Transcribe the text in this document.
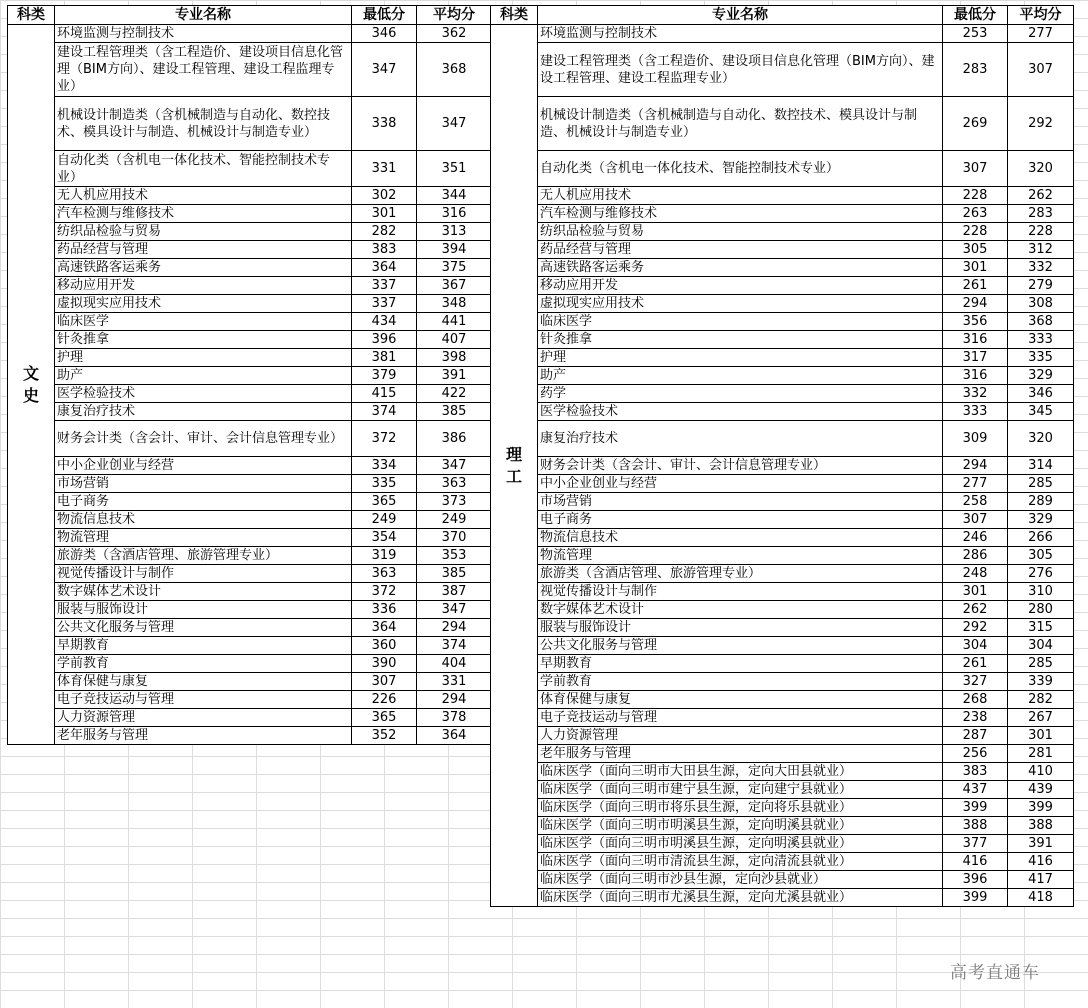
科类	专业名称	最低分	平均分

文史	环境监测与控制技术	346	362
	建设工程管理类（含工程造价、建设项目信息化管理（BIM方向）、建设工程管理、建设工程监理专业）	347	368
	机械设计制造类（含机械制造与自动化、数控技术、模具设计与制造、机械设计与制造专业）	338	347
	自动化类（含机电一体化技术、智能控制技术专业）	331	351
	无人机应用技术	302	344
	汽车检测与维修技术	301	316
	纺织品检验与贸易	282	313
	药品经营与管理	383	394
	高速铁路客运乘务	364	375
	移动应用开发	337	367
	虚拟现实应用技术	337	348
	临床医学	434	441
	针灸推拿	396	407
	护理	381	398
	助产	379	391
	医学检验技术	415	422
	康复治疗技术	374	385
	财务会计类（含会计、审计、会计信息管理专业）	372	386
	中小企业创业与经营	334	347
	市场营销	335	363
	电子商务	365	373
	物流信息技术	249	249
	物流管理	354	370
	旅游类（含酒店管理、旅游管理专业）	319	353
	视觉传播设计与制作	363	385
	数字媒体艺术设计	372	387
	服装与服饰设计	336	347
	公共文化服务与管理	364	294
	早期教育	360	374
	学前教育	390	404
	体育保健与康复	307	331
	电子竞技运动与管理	226	294
	人力资源管理	365	378
	老年服务与管理	352	364
科类	专业名称	最低分	平均分

理工	环境监测与控制技术	253	277
	建设工程管理类（含工程造价、建设项目信息化管理（BIM方向）、建设工程管理、建设工程监理专业）	283	307
	机械设计制造类（含机械制造与自动化、数控技术、模具设计与制造、机械设计与制造专业）	269	292
	自动化类（含机电一体化技术、智能控制技术专业）	307	320
	无人机应用技术	228	262
	汽车检测与维修技术	263	283
	纺织品检验与贸易	228	228
	药品经营与管理	305	312
	高速铁路客运乘务	301	332
	移动应用开发	261	279
	虚拟现实应用技术	294	308
	临床医学	356	368
	针灸推拿	316	333
	护理	317	335
	助产	316	329
	药学	332	346
	医学检验技术	333	345
	康复治疗技术	309	320
	财务会计类（含会计、审计、会计信息管理专业）	294	314
	中小企业创业与经营	277	285
	市场营销	258	289
	电子商务	307	329
	物流信息技术	246	266
	物流管理	286	305
	旅游类（含酒店管理、旅游管理专业）	248	276
	视觉传播设计与制作	301	310
	数字媒体艺术设计	262	280
	服装与服饰设计	292	315
	公共文化服务与管理	304	304
	早期教育	261	285
	学前教育	327	339
	体育保健与康复	268	282
	电子竞技运动与管理	238	267
	人力资源管理	287	301
	老年服务与管理	256	281
	临床医学（面向三明市大田县生源，定向大田县就业）	383	410
	临床医学（面向三明市建宁县生源，定向建宁县就业）	437	439
	临床医学（面向三明市将乐县生源，定向将乐县就业）	399	399
	临床医学（面向三明市明溪县生源，定向明溪县就业）	388	388
	临床医学（面向三明市明溪县生源，定向明溪县就业）	377	391
	临床医学（面向三明市清流县生源，定向清流县就业）	416	416
	临床医学（面向三明市沙县生源，定向沙县就业）	396	417
	临床医学（面向三明市尤溪县生源，定向尤溪县就业）	399	418
高考直通车
